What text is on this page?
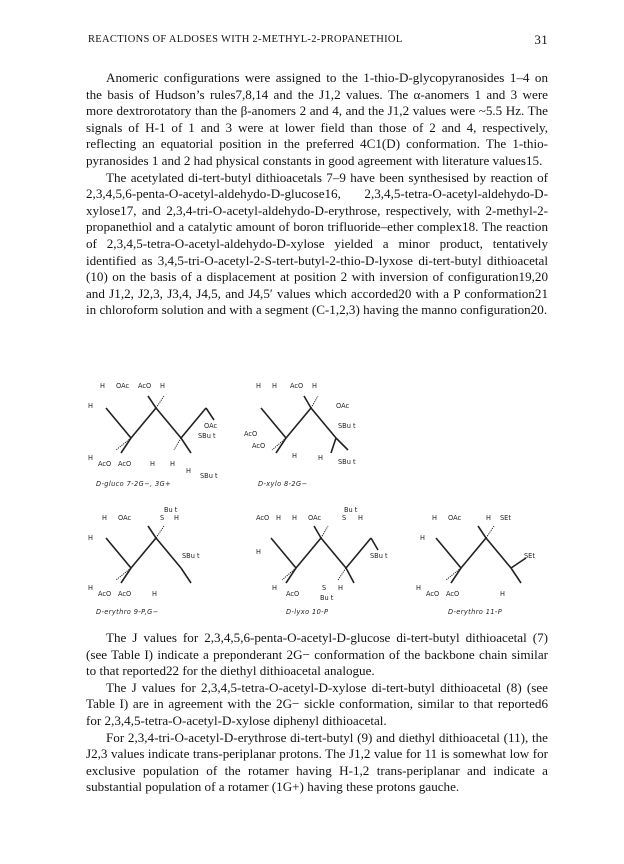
REACTIONS OF ALDOSES WITH 2-METHYL-2-PROPANETHIOL	31

Anomeric configurations were assigned to the 1-thio-D-glycopyranosides 1–4 on the basis of Hudson’s rules7,8,14 and the J1,2 values. The α-anomers 1 and 3 were more dextrorotatory than the β-anomers 2 and 4, and the J1,2 values were ~5.5 Hz. The signals of H-1 of 1 and 3 were at lower field than those of 2 and 4, respectively, reflecting an equatorial position in the preferred 4C1(D) conformation. The 1-thio-pyranosides 1 and 2 had physical constants in good agreement with literature values15.

The acetylated di-tert-butyl dithioacetals 7–9 have been synthesised by reaction of 2,3,4,5,6-penta-O-acetyl-aldehydo-D-glucose16, 2,3,4,5-tetra-O-acetyl-aldehydo-D-xylose17, and 2,3,4-tri-O-acetyl-aldehydo-D-erythrose, respectively, with 2-methyl-2-propanethiol and a catalytic amount of boron trifluoride–ether complex18. The reaction of 2,3,4,5-tetra-O-acetyl-aldehydo-D-xylose yielded a minor product, tentatively identified as 3,4,5-tri-O-acetyl-2-S-tert-butyl-2-thio-D-lyxose di-tert-butyl dithioacetal (10) on the basis of a displacement at position 2 with inversion of configuration19,20 and J1,2, J2,3, J3,4, J4,5, and J4,5′ values which accorded20 with a P conformation21 in chloroform solution and with a segment (C-1,2,3) having the manno configuration20.

H OAc AcO H
H
OAc
SBu t
H
AcO AcO	H H
H
SBu t
D-gluco 7-2G−, 3G+
H H AcO H
OAc
SBu t
AcO
AcO
H	H SBu t
D-xylo 8-2G−
Bu t
H OAc	S H
H
SBu t
H
AcO AcO	H
D-erythro 9-P,G−
Bu t
AcO H H OAc	S H
H	SBu t
H
AcO
S
Bu t
H
D-lyxo 10-P
H OAc	H SEt
H
SEt
H
AcO AcO	H
D-erythro 11-P

The J values for 2,3,4,5,6-penta-O-acetyl-D-glucose di-tert-butyl dithioacetal (7) (see Table I) indicate a preponderant 2G− conformation of the backbone chain similar to that reported22 for the diethyl dithioacetal analogue.

The J values for 2,3,4,5-tetra-O-acetyl-D-xylose di-tert-butyl dithioacetal (8) (see Table I) are in agreement with the 2G− sickle conformation, similar to that reported6 for 2,3,4,5-tetra-O-acetyl-D-xylose diphenyl dithioacetal.

For 2,3,4-tri-O-acetyl-D-erythrose di-tert-butyl (9) and diethyl dithioacetal (11), the J2,3 values indicate trans-periplanar protons. The J1,2 value for 11 is somewhat low for exclusive population of the rotamer having H-1,2 trans-periplanar and indicate a substantial population of a rotamer (1G+) having these protons gauche.
